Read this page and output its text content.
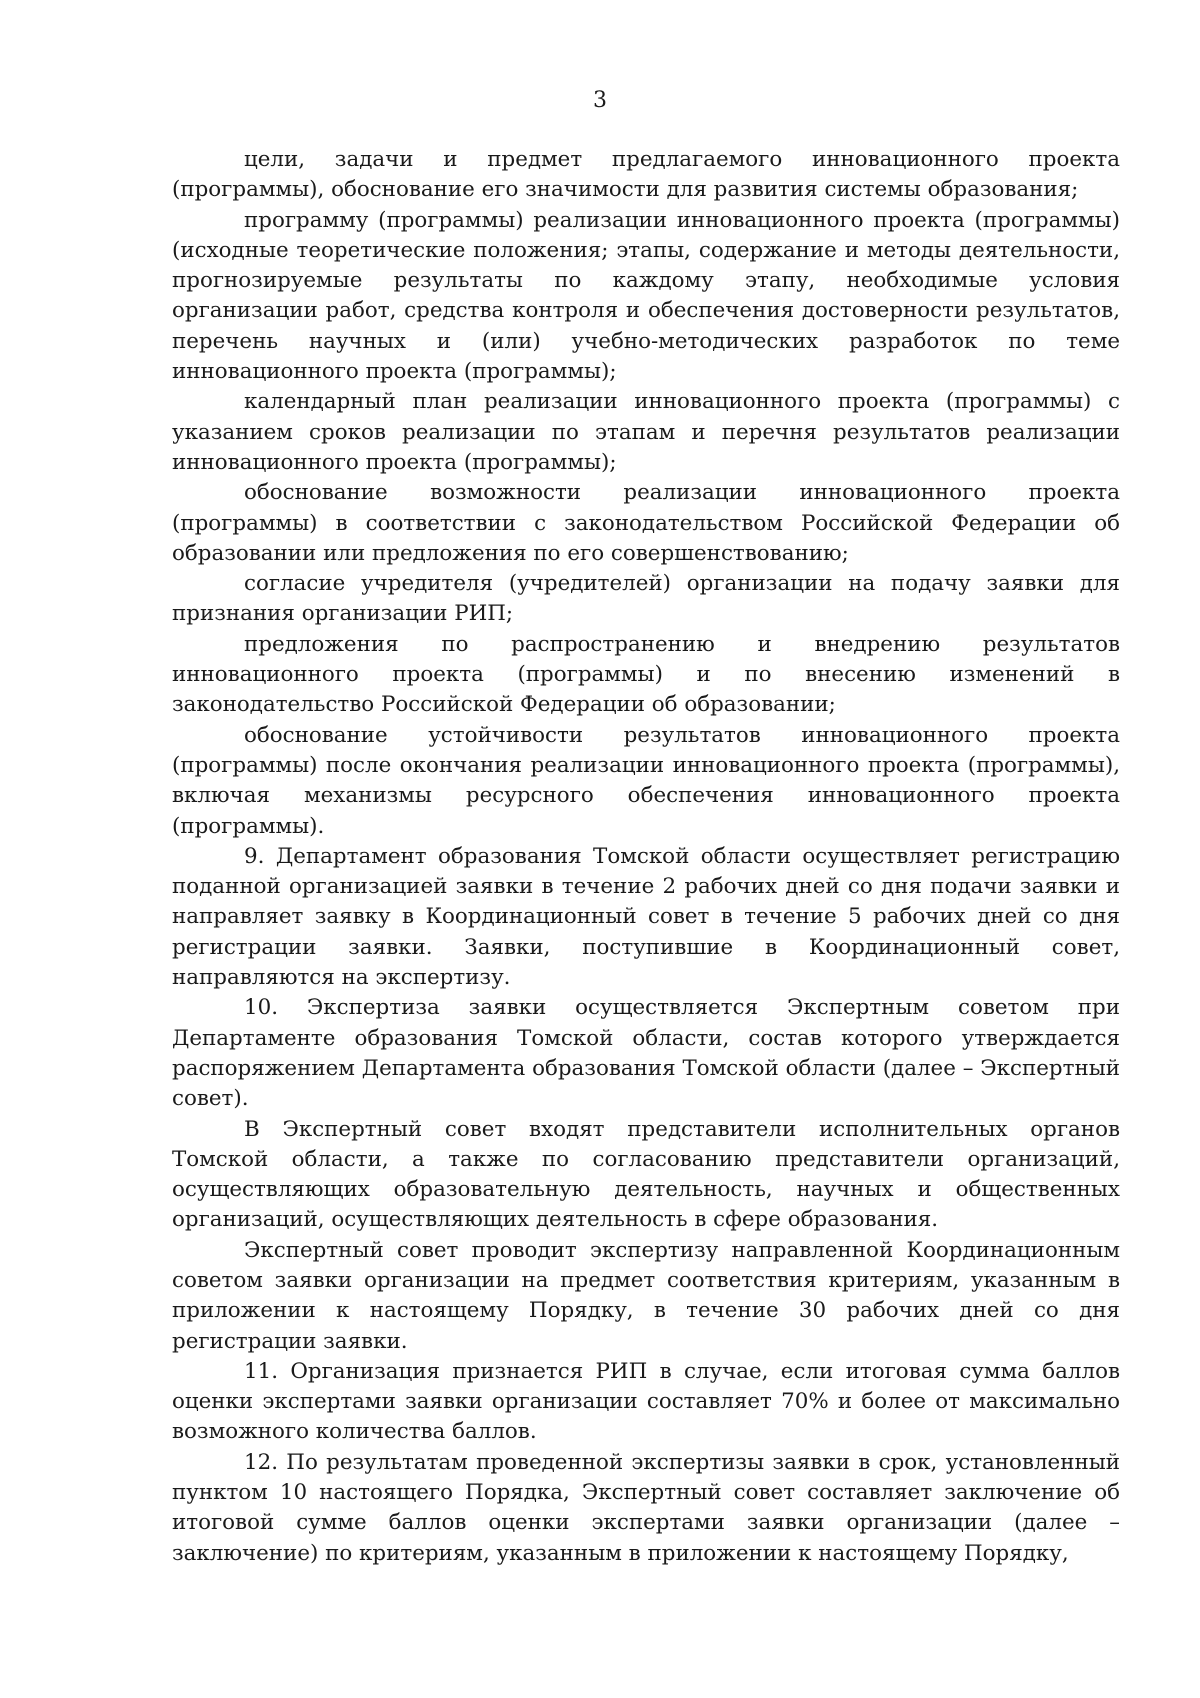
3

цели, задачи и предмет предлагаемого инновационного проекта (программы), обоснование его значимости для развития системы образования;

программу (программы) реализации инновационного проекта (программы) (исходные теоретические положения; этапы, содержание и методы деятельности, прогнозируемые результаты по каждому этапу, необходимые условия организации работ, средства контроля и обеспечения достоверности результатов, перечень научных и (или) учебно-методических разработок по теме инновационного проекта (программы);

календарный план реализации инновационного проекта (программы) с указанием сроков реализации по этапам и перечня результатов реализации инновационного проекта (программы);

обоснование возможности реализации инновационного проекта (программы) в соответствии с законодательством Российской Федерации об образовании или предложения по его совершенствованию;

согласие учредителя (учредителей) организации на подачу заявки для признания организации РИП;

предложения по распространению и внедрению результатов инновационного проекта (программы) и по внесению изменений в законодательство Российской Федерации об образовании;

обоснование устойчивости результатов инновационного проекта (программы) после окончания реализации инновационного проекта (программы), включая механизмы ресурсного обеспечения инновационного проекта (программы).

9. Департамент образования Томской области осуществляет регистрацию поданной организацией заявки в течение 2 рабочих дней со дня подачи заявки и направляет заявку в Координационный совет в течение 5 рабочих дней со дня регистрации заявки. Заявки, поступившие в Координационный совет, направляются на экспертизу.

10. Экспертиза заявки осуществляется Экспертным советом при Департаменте образования Томской области, состав которого утверждается распоряжением Департамента образования Томской области (далее – Экспертный совет).

В Экспертный совет входят представители исполнительных органов Томской области, а также по согласованию представители организаций, осуществляющих образовательную деятельность, научных и общественных организаций, осуществляющих деятельность в сфере образования.

Экспертный совет проводит экспертизу направленной Координационным советом заявки организации на предмет соответствия критериям, указанным в приложении к настоящему Порядку, в течение 30 рабочих дней со дня регистрации заявки.

11. Организация признается РИП в случае, если итоговая сумма баллов оценки экспертами заявки организации составляет 70% и более от максимально возможного количества баллов.

12. По результатам проведенной экспертизы заявки в срок, установленный пунктом 10 настоящего Порядка, Экспертный совет составляет заключение об итоговой сумме баллов оценки экспертами заявки организации (далее – заключение) по критериям, указанным в приложении к настоящему Порядку,
